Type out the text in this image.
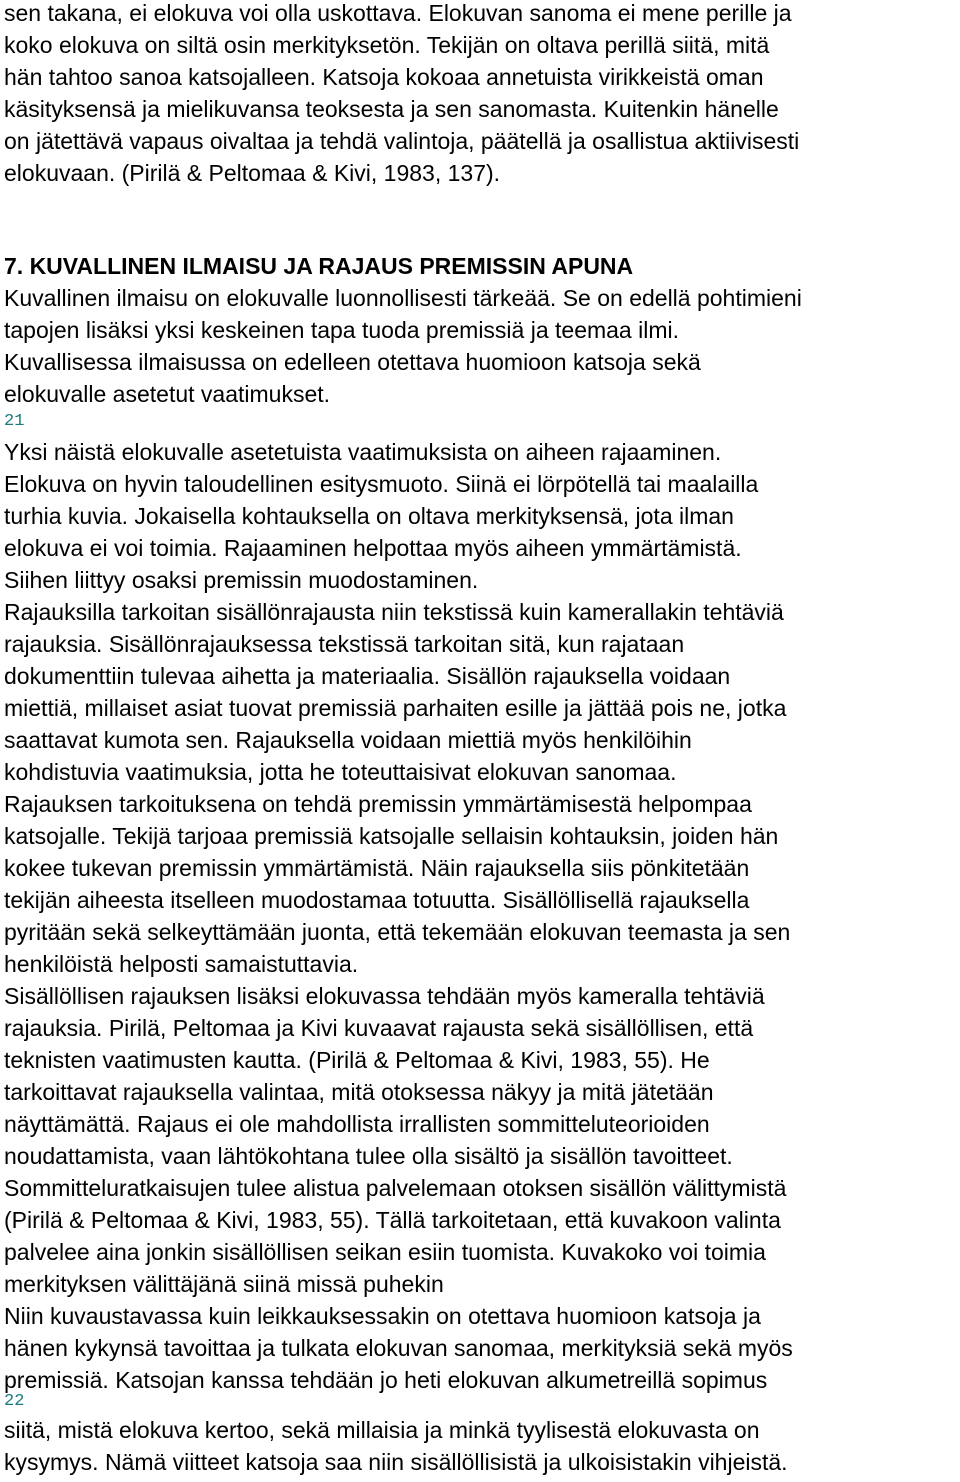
sen takana, ei elokuva voi olla uskottava. Elokuvan sanoma ei mene perille ja
koko elokuva on siltä osin merkityksetön. Tekijän on oltava perillä siitä, mitä
hän tahtoo sanoa katsojalleen. Katsoja kokoaa annetuista virikkeistä oman
käsityksensä ja mielikuvansa teoksesta ja sen sanomasta. Kuitenkin hänelle
on jätettävä vapaus oivaltaa ja tehdä valintoja, päätellä ja osallistua aktiivisesti
elokuvaan. (Pirilä & Peltomaa & Kivi, 1983, 137).
7. KUVALLINEN ILMAISU JA RAJAUS PREMISSIN APUNA
Kuvallinen ilmaisu on elokuvalle luonnollisesti tärkeää. Se on edellä pohtimieni
tapojen lisäksi yksi keskeinen tapa tuoda premissiä ja teemaa ilmi.
Kuvallisessa ilmaisussa on edelleen otettava huomioon katsoja sekä
elokuvalle asetetut vaatimukset.
21
Yksi näistä elokuvalle asetetuista vaatimuksista on aiheen rajaaminen.
Elokuva on hyvin taloudellinen esitysmuoto. Siinä ei lörpötellä tai maalailla
turhia kuvia. Jokaisella kohtauksella on oltava merkityksensä, jota ilman
elokuva ei voi toimia. Rajaaminen helpottaa myös aiheen ymmärtämistä.
Siihen liittyy osaksi premissin muodostaminen.
Rajauksilla tarkoitan sisällönrajausta niin tekstissä kuin kamerallakin tehtäviä
rajauksia. Sisällönrajauksessa tekstissä tarkoitan sitä, kun rajataan
dokumenttiin tulevaa aihetta ja materiaalia. Sisällön rajauksella voidaan
miettiä, millaiset asiat tuovat premissiä parhaiten esille ja jättää pois ne, jotka
saattavat kumota sen. Rajauksella voidaan miettiä myös henkilöihin
kohdistuvia vaatimuksia, jotta he toteuttaisivat elokuvan sanomaa.
Rajauksen tarkoituksena on tehdä premissin ymmärtämisestä helpompaa
katsojalle. Tekijä tarjoaa premissiä katsojalle sellaisin kohtauksin, joiden hän
kokee tukevan premissin ymmärtämistä. Näin rajauksella siis pönkitetään
tekijän aiheesta itselleen muodostamaa totuutta. Sisällöllisellä rajauksella
pyritään sekä selkeyttämään juonta, että tekemään elokuvan teemasta ja sen
henkilöistä helposti samaistuttavia.
Sisällöllisen rajauksen lisäksi elokuvassa tehdään myös kameralla tehtäviä
rajauksia. Pirilä, Peltomaa ja Kivi kuvaavat rajausta sekä sisällöllisen, että
teknisten vaatimusten kautta. (Pirilä & Peltomaa & Kivi, 1983, 55). He
tarkoittavat rajauksella valintaa, mitä otoksessa näkyy ja mitä jätetään
näyttämättä. Rajaus ei ole mahdollista irrallisten sommitteluteorioiden
noudattamista, vaan lähtökohtana tulee olla sisältö ja sisällön tavoitteet.
Sommitteluratkaisujen tulee alistua palvelemaan otoksen sisällön välittymistä
(Pirilä & Peltomaa & Kivi, 1983, 55). Tällä tarkoitetaan, että kuvakoon valinta
palvelee aina jonkin sisällöllisen seikan esiin tuomista. Kuvakoko voi toimia
merkityksen välittäjänä siinä missä puhekin
Niin kuvaustavassa kuin leikkauksessakin on otettava huomioon katsoja ja
hänen kykynsä tavoittaa ja tulkata elokuvan sanomaa, merkityksiä sekä myös
premissiä. Katsojan kanssa tehdään jo heti elokuvan alkumetreillä sopimus
22
siitä, mistä elokuva kertoo, sekä millaisia ja minkä tyylisestä elokuvasta on
kysymys. Nämä viitteet katsoja saa niin sisällöllisistä ja ulkoisistakin vihjeistä.
